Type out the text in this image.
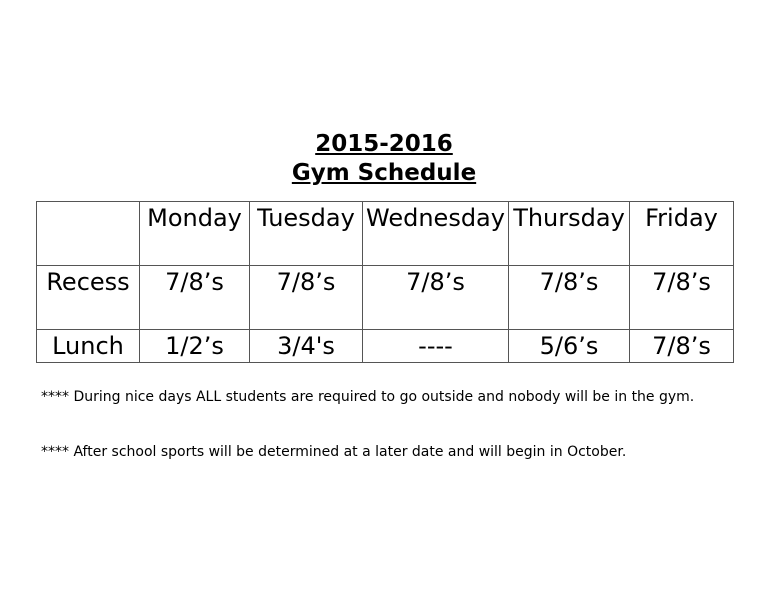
2015-2016
Gym Schedule
	Monday	Tuesday	Wednesday	Thursday	Friday
Recess	7/8’s	7/8’s	7/8’s	7/8’s	7/8’s
Lunch	1/2’s	3/4's	----	5/6’s	7/8’s
**** During nice days ALL students are required to go outside and nobody will be in the gym.
**** After school sports will be determined at a later date and will begin in October.
